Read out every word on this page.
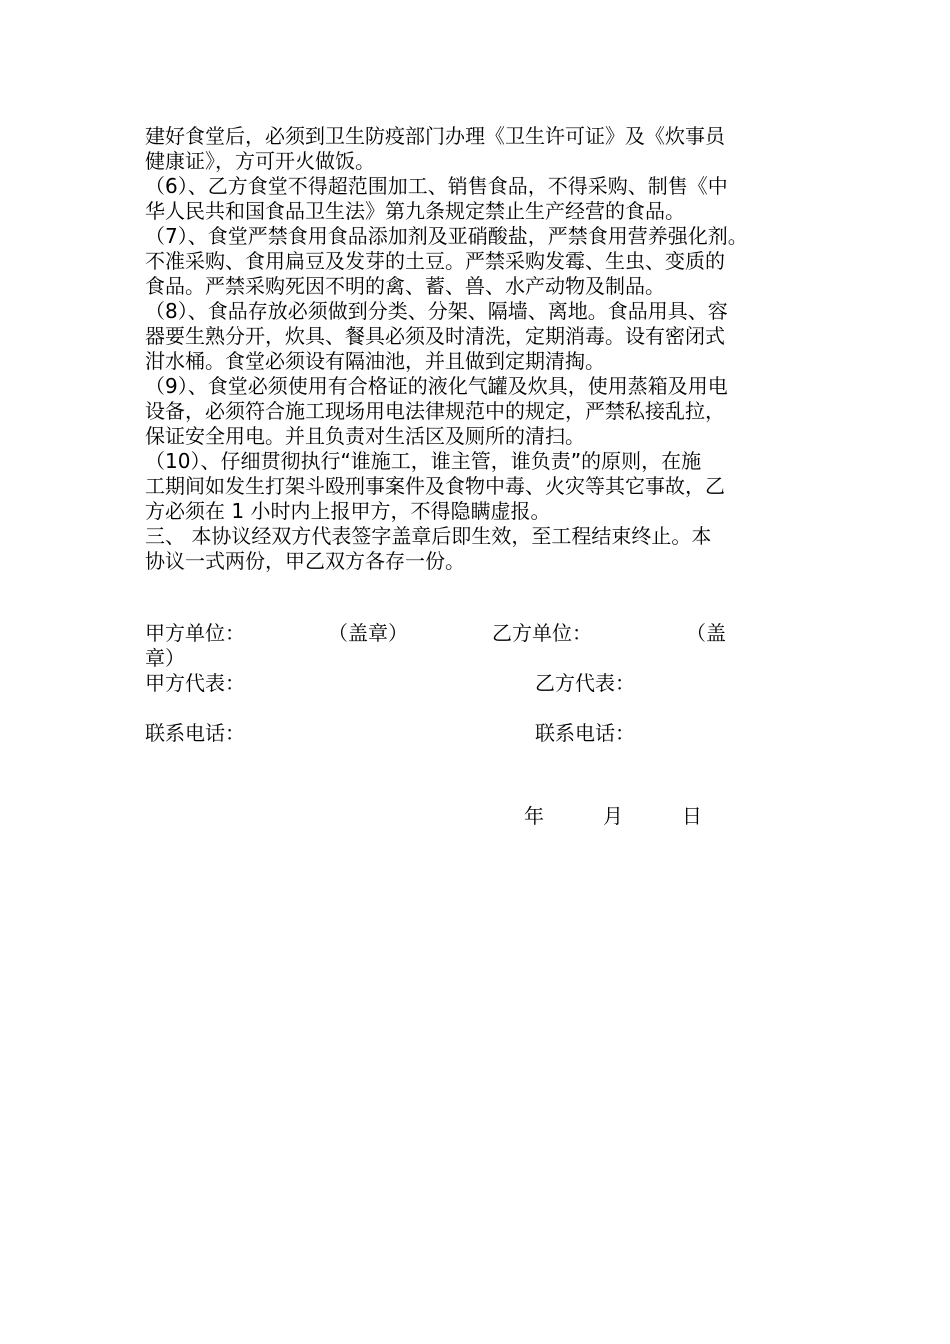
建好食堂后，必须到卫生防疫部门办理《卫生许可证》及《炊事员
健康证》，方可开火做饭。
（6）、乙方食堂不得超范围加工、销售食品，不得采购、制售《中
华人民共和国食品卫生法》第九条规定禁止生产经营的食品。
（7）、食堂严禁食用食品添加剂及亚硝酸盐，严禁食用营养强化剂。
不准采购、食用扁豆及发芽的土豆。严禁采购发霉、生虫、变质的
食品。严禁采购死因不明的禽、蓄、兽、水产动物及制品。
（8）、食品存放必须做到分类、分架、隔墙、离地。食品用具、容
器要生熟分开，炊具、餐具必须及时清洗，定期消毒。设有密闭式
泔水桶。食堂必须设有隔油池，并且做到定期清掏。
（9）、食堂必须使用有合格证的液化气罐及炊具，使用蒸箱及用电
设备，必须符合施工现场用电法律规范中的规定，严禁私接乱拉，
保证安全用电。并且负责对生活区及厕所的清扫。
（10）、仔细贯彻执行“谁施工，谁主管，谁负责”的原则，在施
工期间如发生打架斗殴刑事案件及食物中毒、火灾等其它事故，乙
方必须在 1 小时内上报甲方，不得隐瞒虚报。
三、 本协议经双方代表签字盖章后即生效，至工程结束终止。本
协议一式两份，甲乙双方各存一份。
甲方单位：	（盖章）	乙方单位：	（盖
章）
甲方代表：	乙方代表：
联系电话：	联系电话：
年	月	日
